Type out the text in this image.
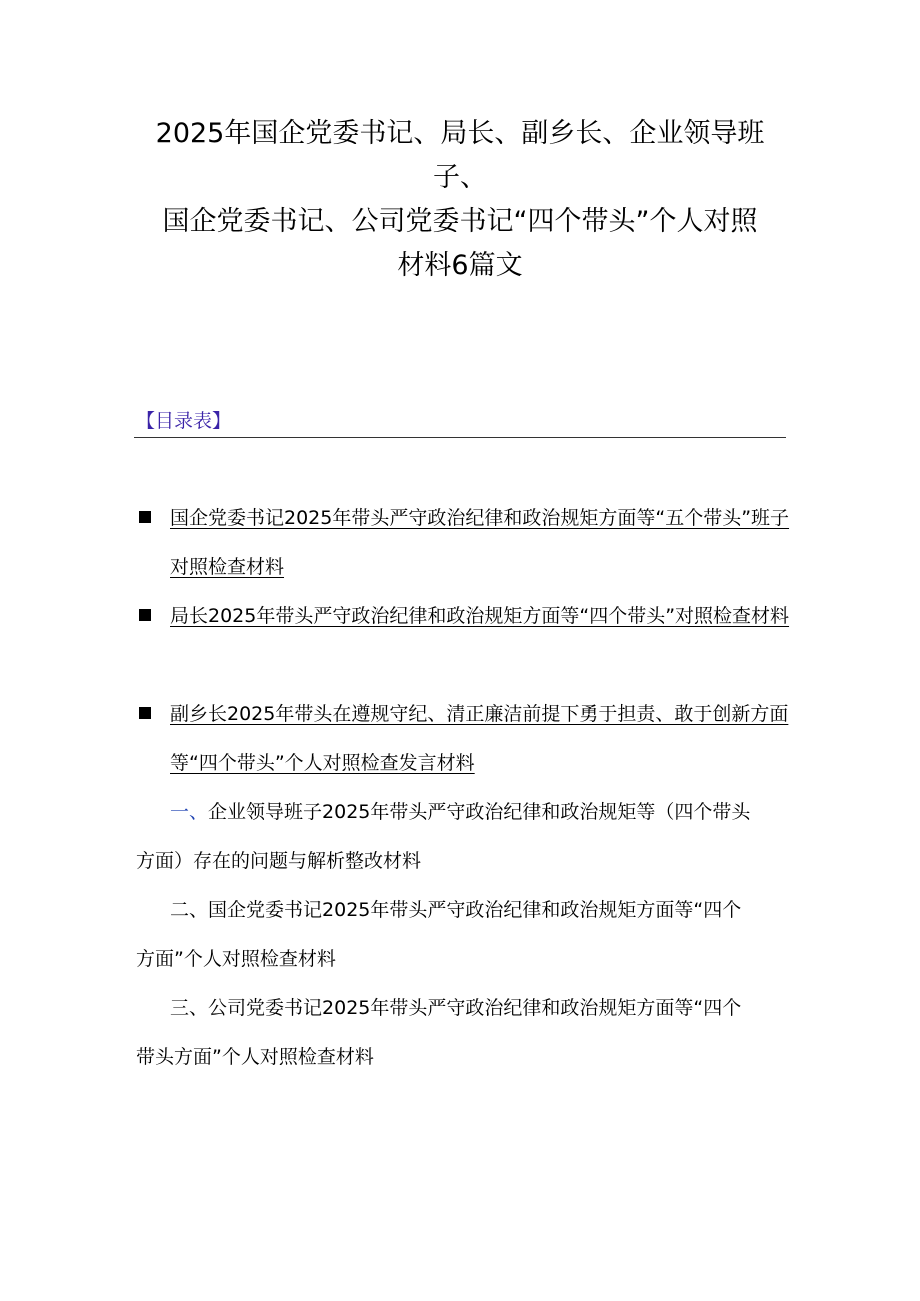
2025年国企党委书记、局长、副乡长、企业领导班
子、
国企党委书记、公司党委书记“四个带头”个人对照
材料6篇文
【目录表】
国企党委书记2025年带头严守政治纪律和政治规矩方面等“五个带头”班子对照检查材料
局长2025年带头严守政治纪律和政治规矩方面等“四个带头”对照检查材料
副乡长2025年带头在遵规守纪、清正廉洁前提下勇于担责、敢于创新方面等“四个带头”个人对照检查发言材料
一、企业领导班子2025年带头严守政治纪律和政治规矩等（四个带头方面）存在的问题与解析整改材料
二、国企党委书记2025年带头严守政治纪律和政治规矩方面等“四个方面”个人对照检查材料
三、公司党委书记2025年带头严守政治纪律和政治规矩方面等“四个带头方面”个人对照检查材料
